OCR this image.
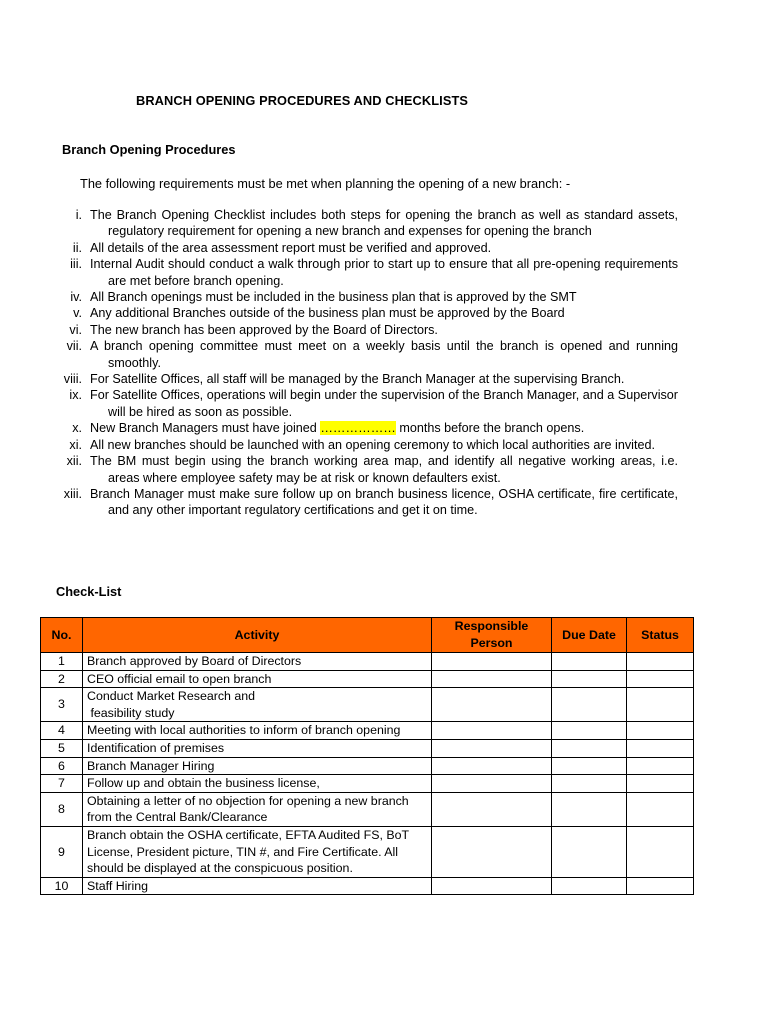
BRANCH OPENING PROCEDURES AND CHECKLISTS
Branch Opening Procedures
The following requirements must be met when planning the opening of a new branch: -
i. The Branch Opening Checklist includes both steps for opening the branch as well as standard assets, regulatory requirement for opening a new branch and expenses for opening the branch
ii. All details of the area assessment report must be verified and approved.
iii. Internal Audit should conduct a walk through prior to start up to ensure that all pre-opening requirements are met before branch opening.
iv. All Branch openings must be included in the business plan that is approved by the SMT
v. Any additional Branches outside of the business plan must be approved by the Board
vi. The new branch has been approved by the Board of Directors.
vii. A branch opening committee must meet on a weekly basis until the branch is opened and running smoothly.
viii. For Satellite Offices, all staff will be managed by the Branch Manager at the supervising Branch.
ix. For Satellite Offices, operations will begin under the supervision of the Branch Manager, and a Supervisor will be hired as soon as possible.
x. New Branch Managers must have joined ……………… months before the branch opens.
xi. All new branches should be launched with an opening ceremony to which local authorities are invited.
xii. The BM must begin using the branch working area map, and identify all negative working areas, i.e. areas where employee safety may be at risk or known defaulters exist.
xiii. Branch Manager must make sure follow up on branch business licence, OSHA certificate, fire certificate, and any other important regulatory certifications and get it on time.
Check-List
No.	Activity	Responsible Person	Due Date	Status
1	Branch approved by Board of Directors			
2	CEO official email to open branch			
3	Conduct Market Research and
feasibility study			

4	Meeting with local authorities to inform of branch opening			
5	Identification of premises			
6	Branch Manager Hiring			
7	Follow up and obtain the business license,			
8	Obtaining a letter of no objection for opening a new branch from the Central Bank/Clearance			
9	Branch obtain the OSHA certificate, EFTA Audited FS, BoT License, President picture, TIN #, and Fire Certificate. All should be displayed at the conspicuous position.			
10	Staff Hiring			
